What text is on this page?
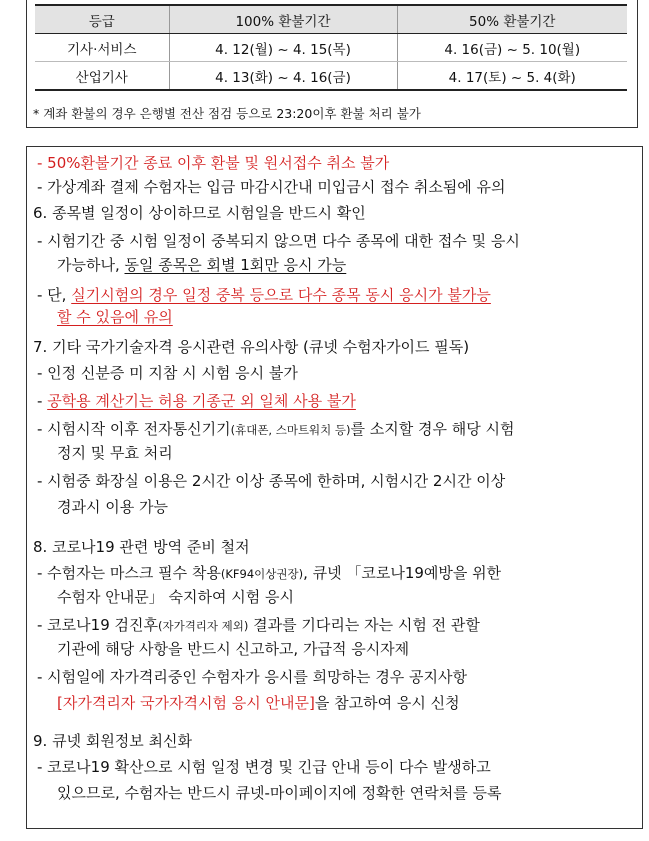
등급	100% 환불기간	50% 환불기간
기사·서비스	4. 12(월) ~ 4. 15(목)	4. 16(금) ~ 5. 10(월)
산업기사	4. 13(화) ~ 4. 16(금)	4. 17(토) ~ 5. 4(화)
* 계좌 환불의 경우 은행별 전산 점검 등으로 23:20이후 환불 처리 불가
- 50%환불기간 종료 이후 환불 및 원서접수 취소 불가
- 가상계좌 결제 수험자는 입금 마감시간내 미입금시 접수 취소됨에 유의
6. 종목별 일정이 상이하므로 시험일을 반드시 확인
- 시험기간 중 시험 일정이 중복되지 않으면 다수 종목에 대한 접수 및 응시
가능하나, 동일 종목은 회별 1회만 응시 가능
- 단, 실기시험의 경우 일정 중복 등으로 다수 종목 동시 응시가 불가능
할 수 있음에 유의
7. 기타 국가기술자격 응시관련 유의사항 (큐넷 수험자가이드 필독)
- 인정 신분증 미 지참 시 시험 응시 불가
- 공학용 계산기는 허용 기종군 외 일체 사용 불가
- 시험시작 이후 전자통신기기(휴대폰, 스마트워치 등)를 소지할 경우 해당 시험
정지 및 무효 처리
- 시험중 화장실 이용은 2시간 이상 종목에 한하며, 시험시간 2시간 이상
경과시 이용 가능
8. 코로나19 관련 방역 준비 철저
- 수험자는 마스크 필수 착용(KF94이상권장), 큐넷 「코로나19예방을 위한
수험자 안내문」 숙지하여 시험 응시
- 코로나19 검진후(자가격리자 제외) 결과를 기다리는 자는 시험 전 관할
기관에 해당 사항을 반드시 신고하고, 가급적 응시자제
- 시험일에 자가격리중인 수험자가 응시를 희망하는 경우 공지사항
[자가격리자 국가자격시험 응시 안내문]을 참고하여 응시 신청
9. 큐넷 회원정보 최신화
- 코로나19 확산으로 시험 일정 변경 및 긴급 안내 등이 다수 발생하고
있으므로, 수험자는 반드시 큐넷-마이페이지에 정확한 연락처를 등록
